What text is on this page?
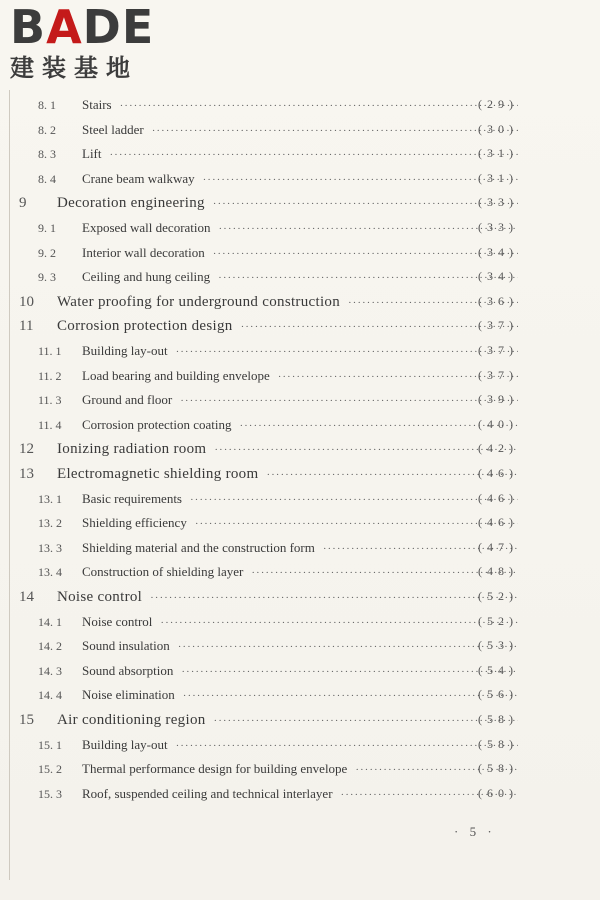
BADE
建装基地
8. 1	Stairs ·····	(29)
8. 2	Steel ladder ·····	(30)
8. 3	Lift ·····	(31)
8. 4	Crane beam walkway ·····	(31)
9	Decoration engineering ·····	(33)
9. 1	Exposed wall decoration ·····	(33)
9. 2	Interior wall decoration ·····	(34)
9. 3	Ceiling and hung ceiling ·····	(34)
10	Water proofing for underground construction ·····	(36)
11	Corrosion protection design ·····	(37)
11. 1	Building lay-out ·····	(37)
11. 2	Load bearing and building envelope ·····	(37)
11. 3	Ground and floor ·····	(39)
11. 4	Corrosion protection coating ·····	(40)
12	Ionizing radiation room ·····	(42)
13	Electromagnetic shielding room ·····	(46)
13. 1	Basic requirements ·····	(46)
13. 2	Shielding efficiency ·····	(46)
13. 3	Shielding material and the construction form ·····	(47)
13. 4	Construction of shielding layer ·····	(48)
14	Noise control ·····	(52)
14. 1	Noise control ·····	(52)
14. 2	Sound insulation ·····	(53)
14. 3	Sound absorption ·····	(54)
14. 4	Noise elimination ·····	(56)
15	Air conditioning region ·····	(58)
15. 1	Building lay-out ·····	(58)
15. 2	Thermal performance design for building envelope ·····	(58)
15. 3	Roof, suspended ceiling and technical interlayer ·····	(60)
· 5 ·
